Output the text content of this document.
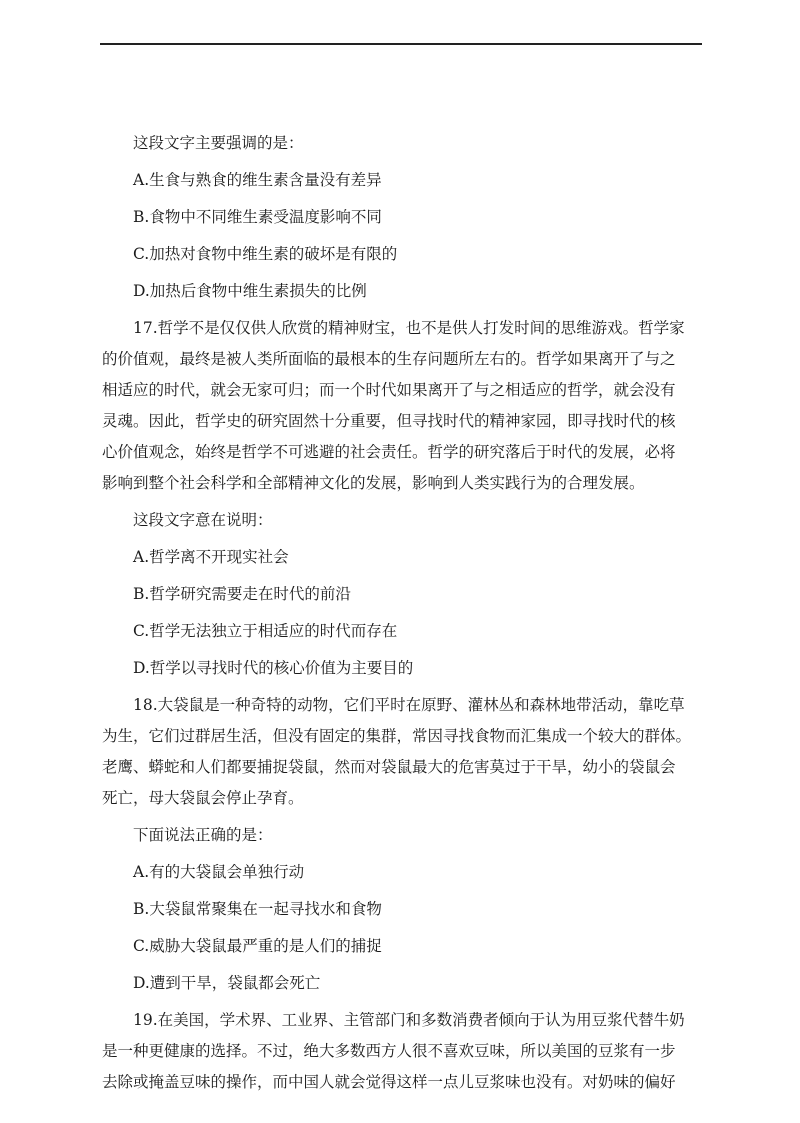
这段文字主要强调的是：

A.生食与熟食的维生素含量没有差异

B.食物中不同维生素受温度影响不同

C.加热对食物中维生素的破坏是有限的

D.加热后食物中维生素损失的比例

17.哲学不是仅仅供人欣赏的精神财宝，也不是供人打发时间的思维游戏。哲学家

的价值观，最终是被人类所面临的最根本的生存问题所左右的。哲学如果离开了与之

相适应的时代，就会无家可归；而一个时代如果离开了与之相适应的哲学，就会没有

灵魂。因此，哲学史的研究固然十分重要，但寻找时代的精神家园，即寻找时代的核

心价值观念，始终是哲学不可逃避的社会责任。哲学的研究落后于时代的发展，必将

影响到整个社会科学和全部精神文化的发展，影响到人类实践行为的合理发展。

这段文字意在说明：

A.哲学离不开现实社会

B.哲学研究需要走在时代的前沿

C.哲学无法独立于相适应的时代而存在

D.哲学以寻找时代的核心价值为主要目的

18.大袋鼠是一种奇特的动物，它们平时在原野、灌林丛和森林地带活动，靠吃草

为生，它们过群居生活，但没有固定的集群，常因寻找食物而汇集成一个较大的群体。

老鹰、蟒蛇和人们都要捕捉袋鼠，然而对袋鼠最大的危害莫过于干旱，幼小的袋鼠会

死亡，母大袋鼠会停止孕育。

下面说法正确的是：

A.有的大袋鼠会单独行动

B.大袋鼠常聚集在一起寻找水和食物

C.威胁大袋鼠最严重的是人们的捕捉

D.遭到干旱，袋鼠都会死亡

19.在美国，学术界、工业界、主管部门和多数消费者倾向于认为用豆浆代替牛奶

是一种更健康的选择。不过，绝大多数西方人很不喜欢豆味，所以美国的豆浆有一步

去除或掩盖豆味的操作，而中国人就会觉得这样一点儿豆浆味也没有。对奶味的偏好
